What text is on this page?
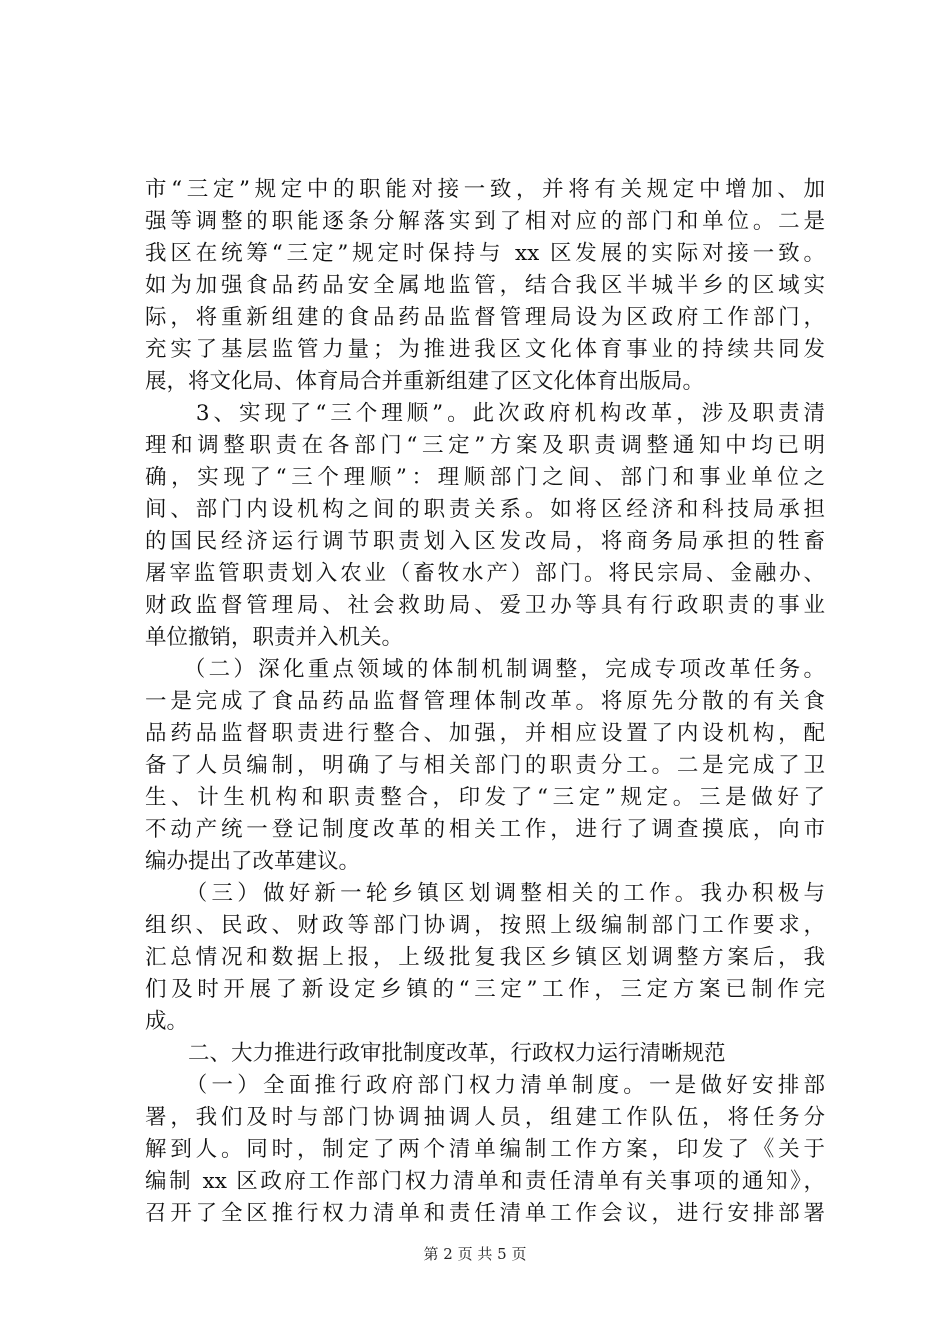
市“三定”规定中的职能对接一致，并将有关规定中增加、加
强等调整的职能逐条分解落实到了相对应的部门和单位。二是
我区在统筹“三定”规定时保持与 xx 区发展的实际对接一致。
如为加强食品药品安全属地监管，结合我区半城半乡的区域实
际，将重新组建的食品药品监督管理局设为区政府工作部门，
充实了基层监管力量；为推进我区文化体育事业的持续共同发
展，将文化局、体育局合并重新组建了区文化体育出版局。
　　3、实现了“三个理顺”。此次政府机构改革，涉及职责清
理和调整职责在各部门“三定”方案及职责调整通知中均已明
确，实现了“三个理顺”：理顺部门之间、部门和事业单位之
间、部门内设机构之间的职责关系。如将区经济和科技局承担
的国民经济运行调节职责划入区发改局，将商务局承担的牲畜
屠宰监管职责划入农业（畜牧水产）部门。将民宗局、金融办、
财政监督管理局、社会救助局、爱卫办等具有行政职责的事业
单位撤销，职责并入机关。
　　（二）深化重点领域的体制机制调整，完成专项改革任务。
一是完成了食品药品监督管理体制改革。将原先分散的有关食
品药品监督职责进行整合、加强，并相应设置了内设机构，配
备了人员编制，明确了与相关部门的职责分工。二是完成了卫
生、计生机构和职责整合，印发了“三定”规定。三是做好了
不动产统一登记制度改革的相关工作，进行了调查摸底，向市
编办提出了改革建议。
　　（三）做好新一轮乡镇区划调整相关的工作。我办积极与
组织、民政、财政等部门协调，按照上级编制部门工作要求，
汇总情况和数据上报，上级批复我区乡镇区划调整方案后，我
们及时开展了新设定乡镇的“三定”工作，三定方案已制作完
成。
　　二、大力推进行政审批制度改革，行政权力运行清晰规范
　　（一）全面推行政府部门权力清单制度。一是做好安排部
署，我们及时与部门协调抽调人员，组建工作队伍，将任务分
解到人。同时，制定了两个清单编制工作方案，印发了《关于
编制 xx 区政府工作部门权力清单和责任清单有关事项的通知》，
召开了全区推行权力清单和责任清单工作会议，进行安排部署
第 2 页 共 5 页
